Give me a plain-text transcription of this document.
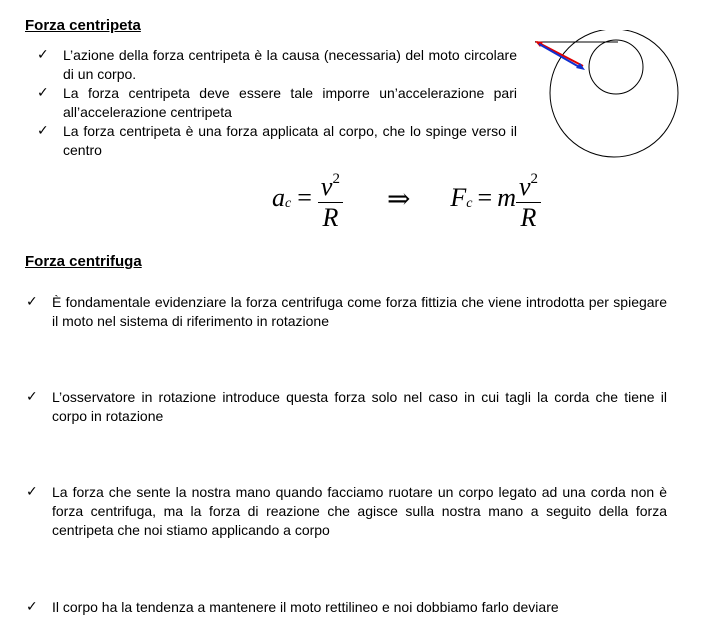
Forza centripeta
✓ L’azione della forza centripeta è la causa (necessaria) del moto circolare di un corpo.
✓ La forza centripeta deve essere tale imporre un’accelerazione pari all’accelerazione centripeta
✓ La forza centripeta è una forza applicata al corpo, che lo spinge verso il centro
a $c = \frac{v^2}{R}$ ⇒ F c = m $\frac{v^2}{R}$
Forza centrifuga
✓ È fondamentale evidenziare la forza centrifuga come forza fittizia che viene introdotta per spiegare il moto nel sistema di riferimento in rotazione
✓ L’osservatore in rotazione introduce questa forza solo nel caso in cui tagli la corda che tiene il corpo in rotazione
✓ La forza che sente la nostra mano quando facciamo ruotare un corpo legato ad una corda non è forza centrifuga, ma la forza di reazione che agisce sulla nostra mano a seguito della forza centripeta che noi stiamo applicando a corpo
✓ Il corpo ha la tendenza a mantenere il moto rettilineo e noi dobbiamo farlo deviare
